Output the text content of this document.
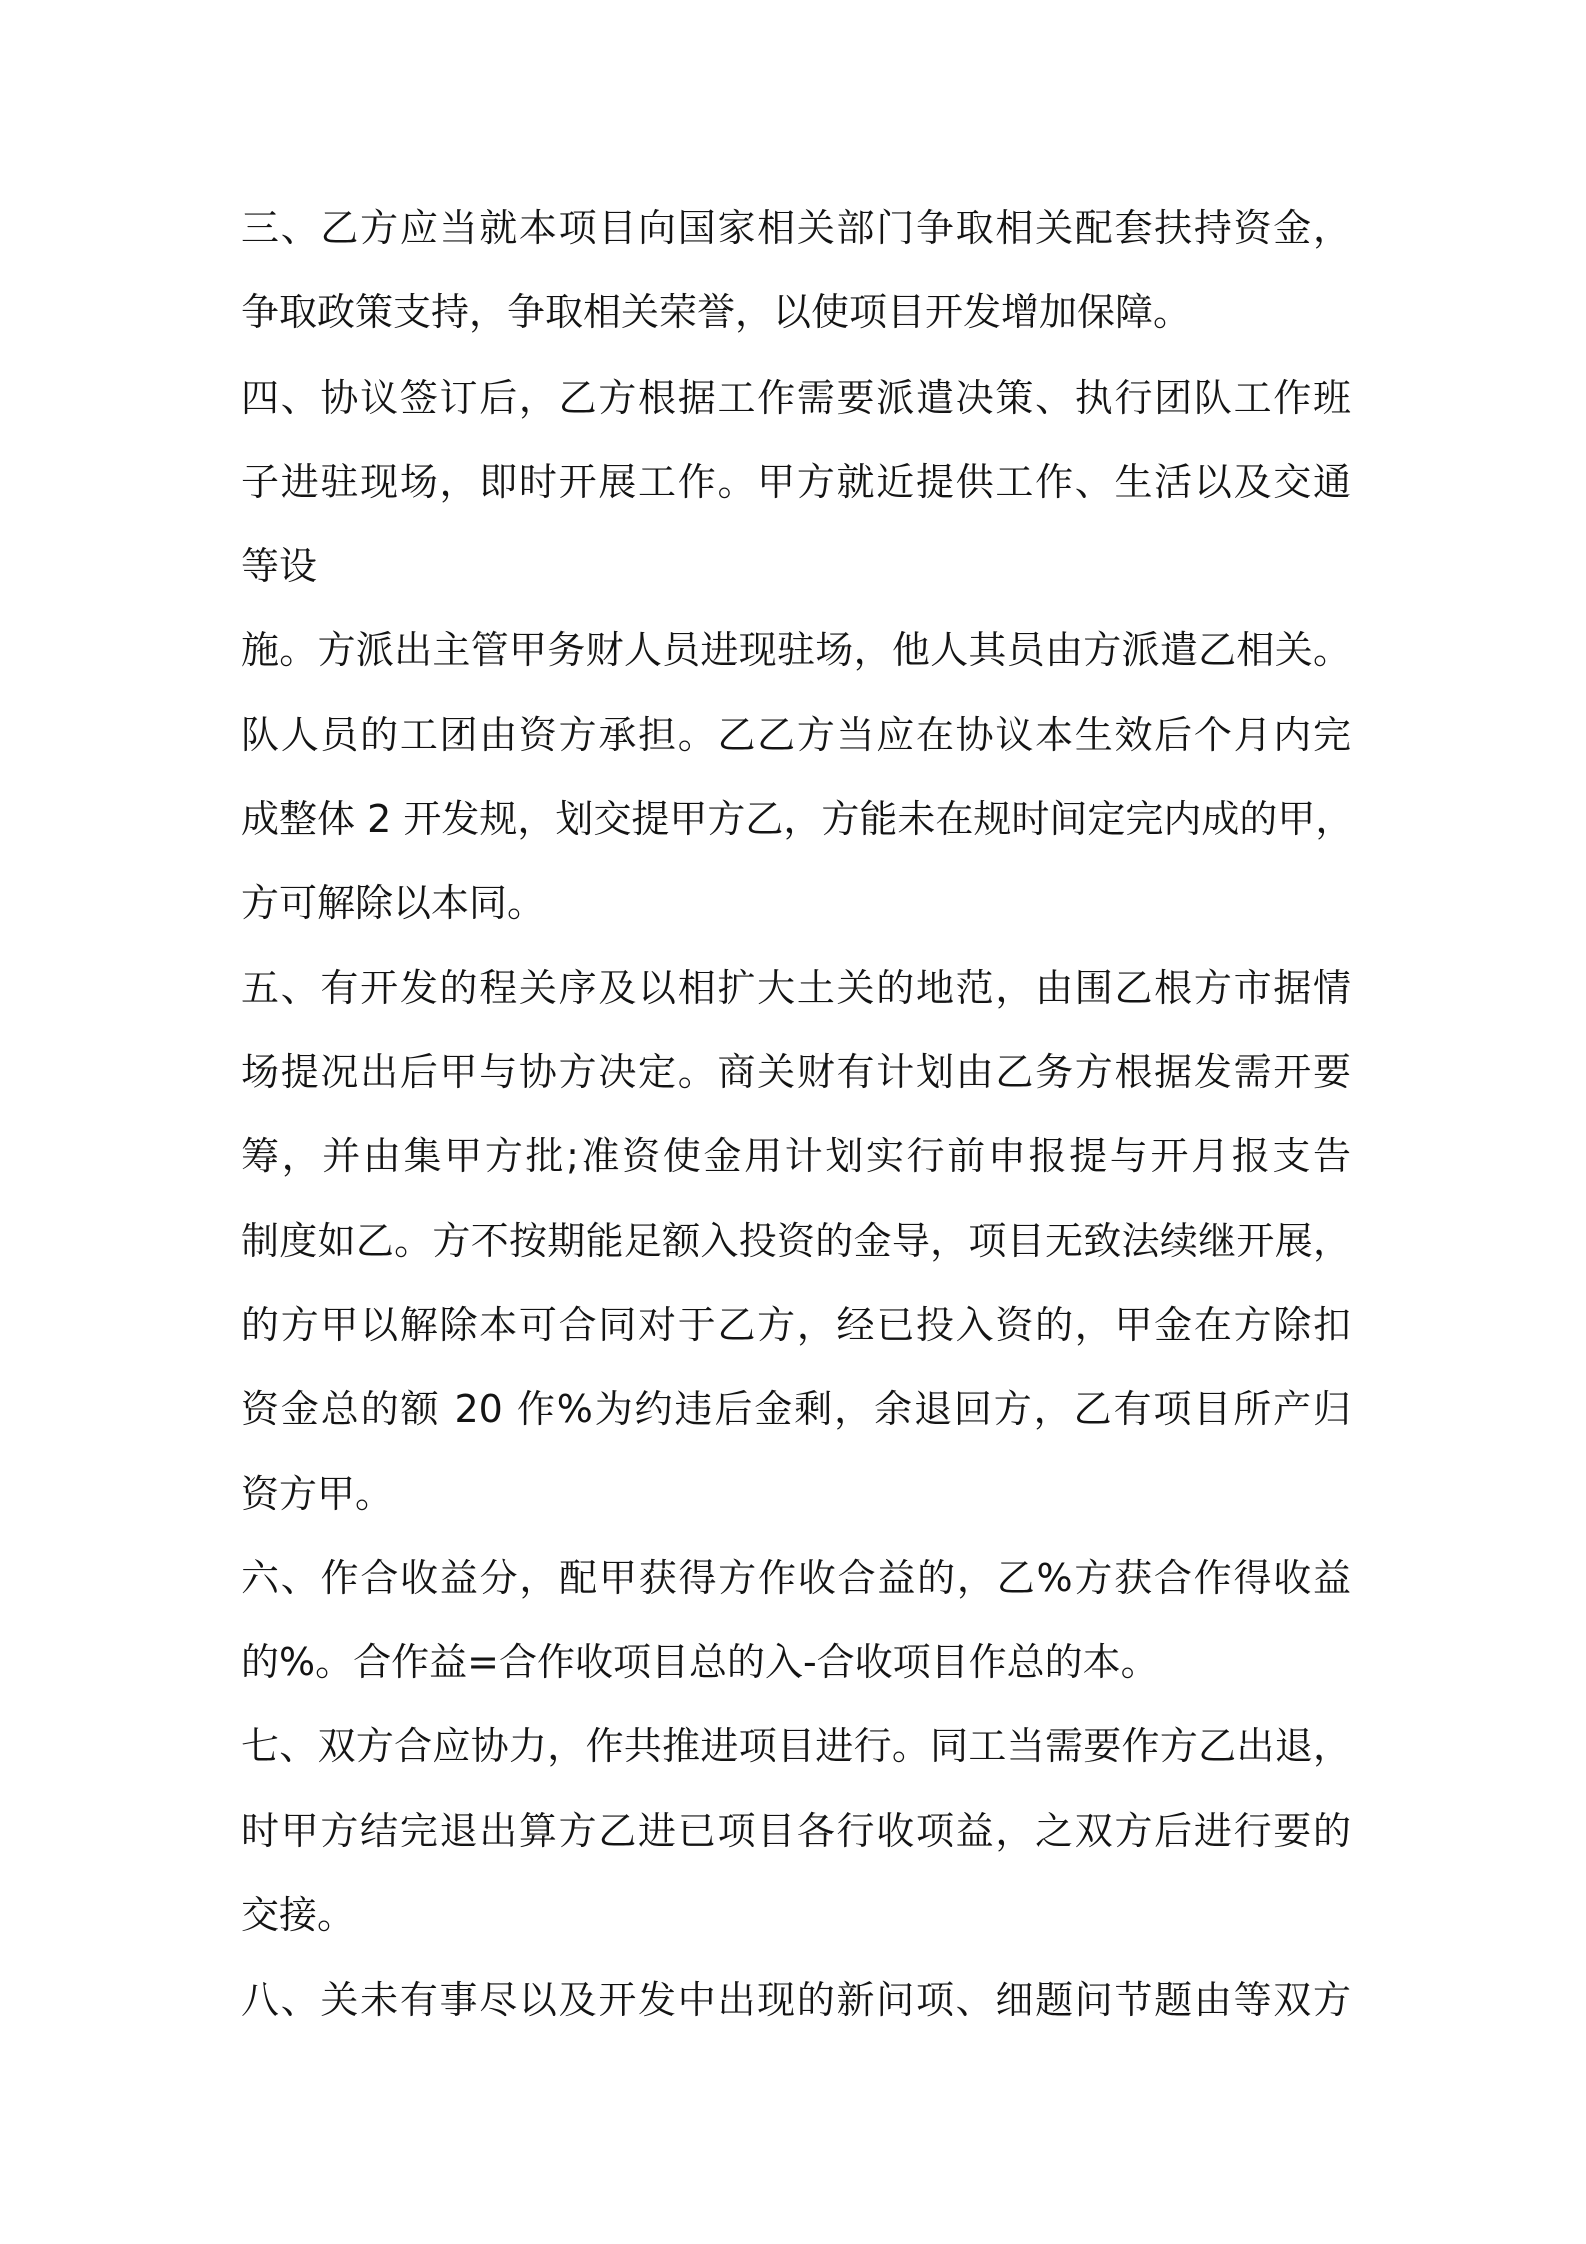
三、乙方应当就本项目向国家相关部门争取相关配套扶持资金，
争取政策支持，争取相关荣誉，以使项目开发增加保障。
四、协议签订后，乙方根据工作需要派遣决策、执行团队工作班
子进驻现场，即时开展工作。甲方就近提供工作、生活以及交通
等设
施。方派出主管甲务财人员进现驻场，他人其员由方派遣乙相关。
队人员的工团由资方承担。乙乙方当应在协议本生效后个月内完
成整体 2 开发规，划交提甲方乙，方能未在规时间定完内成的甲，
方可解除以本同。
五、有开发的程关序及以相扩大土关的地范，由围乙根方市据情
场提况出后甲与协方决定。商关财有计划由乙务方根据发需开要
筹，并由集甲方批;准资使金用计划实行前申报提与开月报支告
制度如乙。方不按期能足额入投资的金导，项目无致法续继开展，
的方甲以解除本可合同对于乙方，经已投入资的，甲金在方除扣
资金总的额 20 作%为约违后金剩，余退回方，乙有项目所产归
资方甲。
六、作合收益分，配甲获得方作收合益的，乙%方获合作得收益
的%。合作益=合作收项目总的入-合收项目作总的本。
七、双方合应协力，作共推进项目进行。同工当需要作方乙出退，
时甲方结完退出算方乙进已项目各行收项益，之双方后进行要的
交接。
八、关未有事尽以及开发中出现的新问项、细题问节题由等双方
